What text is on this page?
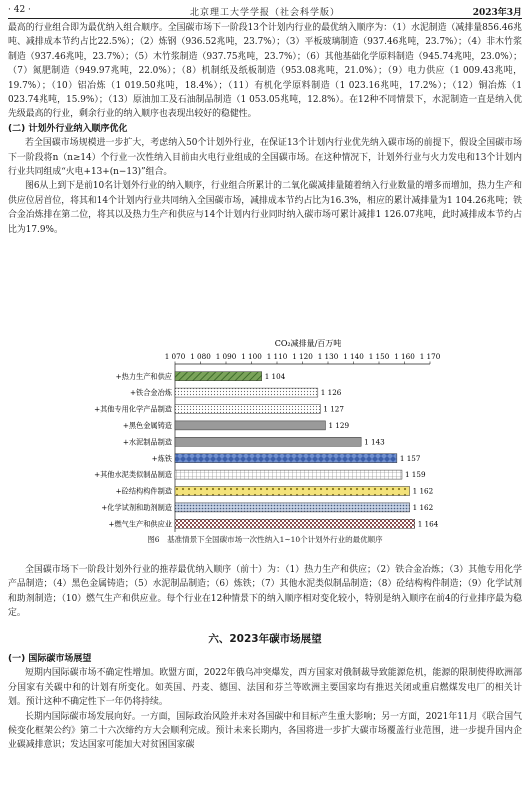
· 42 ·	北京理工大学学报（社会科学版）	2023年3月

最高的行业组合即为最优纳入组合顺序。全国碳市场下一阶段13个计划内行业的最优纳入顺序为：（1）水泥制造（减排量856.46兆吨、减排成本节约占比22.5%）；（2）炼钢（936.52兆吨，23.7%）；（3）平板玻璃制造（937.46兆吨，23.7%）；（4）非木竹浆制造（937.46兆吨，23.7%）；（5）木竹浆制造（937.75兆吨，23.7%）；（6）其他基础化学原料制造（945.74兆吨，23.0%）；（7）氮肥制造（949.97兆吨，22.0%）；（8）机制纸及纸板制造（953.08兆吨，21.0%）；（9）电力供应（1 009.43兆吨，19.7%）；（10）铝冶炼（1 019.50兆吨，18.4%）；（11）有机化学原料制造（1 023.16兆吨，17.2%）；（12）铜冶炼（1 023.74兆吨，15.9%）；（13）原油加工及石油制品制造（1 053.05兆吨，12.8%）。在12种不同情景下，水泥制造一直是纳入优先级最高的行业，剩余行业的纳入顺序也表现出较好的稳健性。

(二) 计划外行业纳入顺序优化

若全国碳市场规模进一步扩大，考虑纳入50个计划外行业，在保证13个计划内行业优先纳入碳市场的前提下，假设全国碳市场下一阶段将n（n≥14）个行业一次性纳入目前由火电行业组成的全国碳市场。在这种情况下，计划外行业与火力发电和13个计划内行业共同组成“火电+13+(n−13)”组合。

图6从上到下是前10名计划外行业的纳入顺序，行业组合所累计的二氧化碳减排量随着纳入行业数量的增多而增加，热力生产和供应位居首位，将其和14个计划内行业共同纳入全国碳市场，减排成本节约占比为16.3%，相应的累计减排量为1 104.26兆吨；铁合金冶炼排在第二位，将其以及热力生产和供应与14个计划内行业同时纳入碳市场可累计减排1 126.07兆吨，此时减排成本节约占比为17.9%。

CO₂减排量/百万吨
1 070 1 080 1 090 1 100 1 110 1 120 1 130 1 140 1 150 1 160 1 170
+热力生产和供应	1 104
+铁合金冶炼	1 126
+其他专用化学产品制造	1 127
+黑色金属铸造	1 129
+水泥制品制造	1 143
+炼铁	1 157
+其他水泥类似制品制造	1 159
+砼结构构件制造	1 162
+化学试剂和助剂制造	1 162
+燃气生产和供应业	1 164
图6　基准情景下全国碳市场一次性纳入1~10个计划外行业的最优顺序

全国碳市场下一阶段计划外行业的推荐最优纳入顺序（前十）为：（1）热力生产和供应；（2）铁合金冶炼；（3）其他专用化学产品制造；（4）黑色金属铸造；（5）水泥制品制造；（6）炼铁；（7）其他水泥类似制品制造；（8）砼结构构件制造；（9）化学试剂和助剂制造；（10）燃气生产和供应业。每个行业在12种情景下的纳入顺序相对变化较小，特别是纳入顺序在前4的行业排序最为稳定。

六、2023年碳市场展望

(一) 国际碳市场展望

短期内国际碳市场不确定性增加。欧盟方面，2022年俄乌冲突爆发，西方国家对俄制裁导致能源危机，能源的限制使得欧洲部分国家有关碳中和的计划有所变化。如英国、丹麦、德国、法国和芬兰等欧洲主要国家均有推迟关闭或重启燃煤发电厂的相关计划。预计这种不确定性下一年仍将持续。

长期内国际碳市场发展向好。一方面，国际政治风险并未对各国碳中和目标产生重大影响；另一方面，2021年11月《联合国气候变化框架公约》第二十六次缔约方大会顺利完成。预计未来长期内，各国将进一步扩大碳市场覆盖行业范围，进一步提升国内企业碳减排意识；发达国家可能加大对贫困国家碳
